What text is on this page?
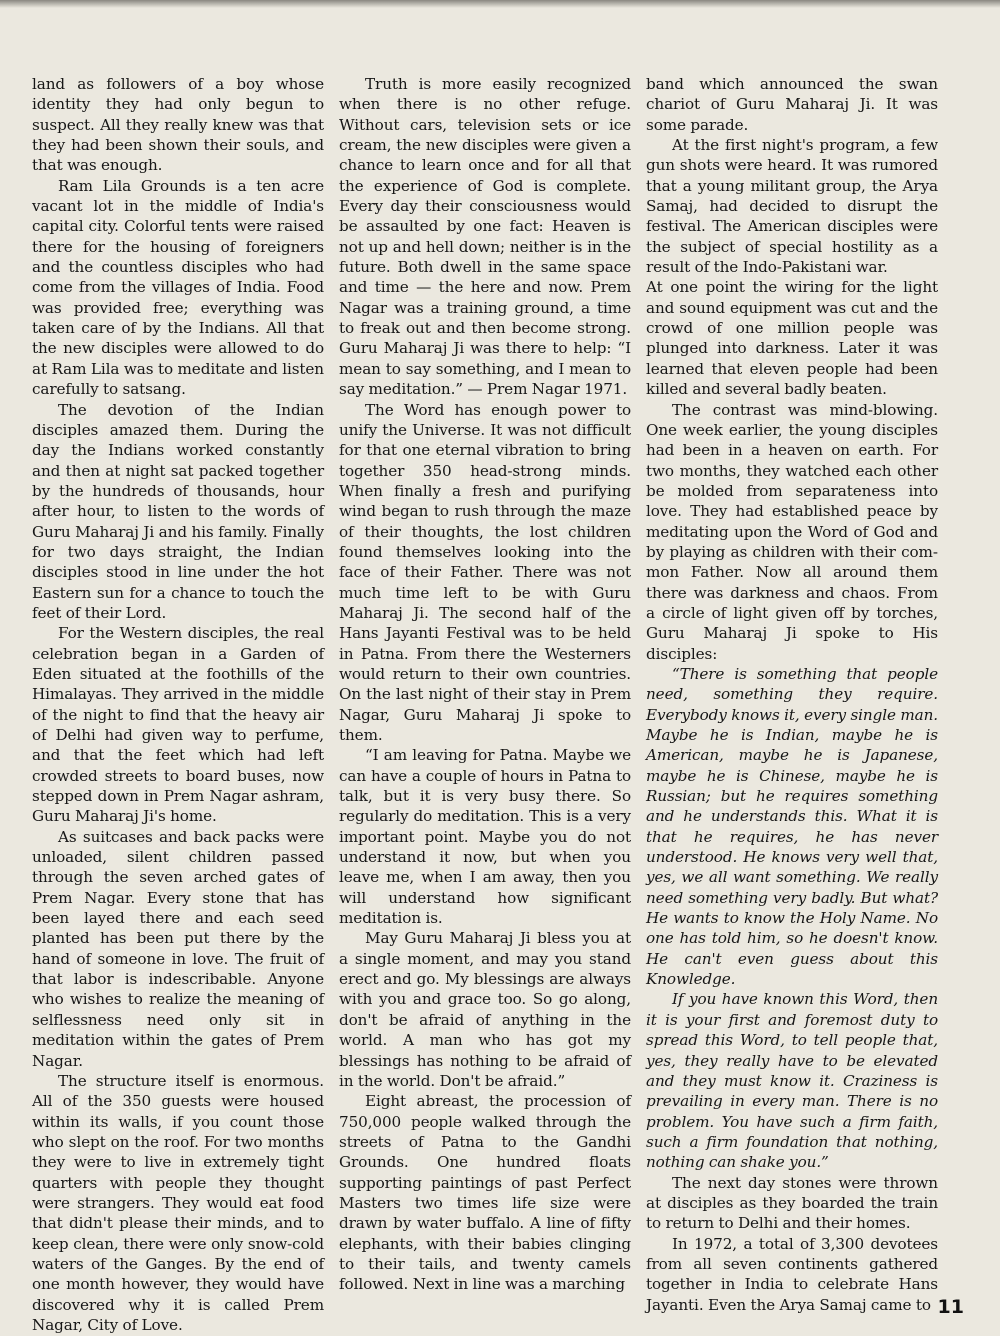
land as followers of a boy whose identity they had only begun to suspect. All they really knew was that they had been shown their souls, and that was enough.

Ram Lila Grounds is a ten acre vacant lot in the middle of India's capital city. Colorful tents were raised there for the housing of foreigners and the countless disciples who had come from the villages of India. Food was provided free; everything was taken care of by the Indians. All that the new disciples were allowed to do at Ram Lila was to meditate and listen carefully to satsang.

The devotion of the Indian disciples amazed them. During the day the Indians worked constantly and then at night sat packed together by the hundreds of thousands, hour after hour, to listen to the words of Guru Maharaj Ji and his family. Finally for two days straight, the Indian disciples stood in line under the hot Eastern sun for a chance to touch the feet of their Lord.

For the Western disciples, the real celebration began in a Garden of Eden situated at the foothills of the Himalayas. They arrived in the middle of the night to find that the heavy air of Delhi had given way to perfume, and that the feet which had left crowded streets to board buses, now stepped down in Prem Nagar ashram, Guru Maharaj Ji's home.

As suitcases and back packs were unloaded, silent children passed through the seven arched gates of Prem Nagar. Every stone that has been layed there and each seed planted has been put there by the hand of someone in love. The fruit of that labor is indescribable. Anyone who wishes to realize the meaning of selflessness need only sit in meditation within the gates of Prem Nagar.

The structure itself is enormous. All of the 350 guests were housed within its walls, if you count those who slept on the roof. For two months they were to live in extremely tight quarters with people they thought were strangers. They would eat food that didn't please their minds, and to keep clean, there were only snow-cold waters of the Ganges. By the end of one month however, they would have discovered why it is called Prem Nagar, City of Love.

Truth is more easily recognized when there is no other refuge. Without cars, television sets or ice cream, the new disciples were given a chance to learn once and for all that the experience of God is complete. Every day their consciousness would be assaulted by one fact: Heaven is not up and hell down; neither is in the future. Both dwell in the same space and time — the here and now. Prem Nagar was a training ground, a time to freak out and then become strong. Guru Maharaj Ji was there to help: “I mean to say something, and I mean to say meditation.” — Prem Nagar 1971.

The Word has enough power to unify the Universe. It was not difficult for that one eternal vibration to bring together 350 head-strong minds. When finally a fresh and purifying wind began to rush through the maze of their thoughts, the lost children found themselves looking into the face of their Father. There was not much time left to be with Guru Maharaj Ji. The second half of the Hans Jayanti Festival was to be held in Patna. From there the Westerners would return to their own countries. On the last night of their stay in Prem Nagar, Guru Maharaj Ji spoke to them.

“I am leaving for Patna. Maybe we can have a couple of hours in Patna to talk, but it is very busy there. So regularly do meditation. This is a very important point. Maybe you do not understand it now, but when you leave me, when I am away, then you will understand how significant meditation is.

May Guru Maharaj Ji bless you at a single moment, and may you stand erect and go. My blessings are always with you and grace too. So go along, don't be afraid of anything in the world. A man who has got my blessings has nothing to be afraid of in the world. Don't be afraid.”

Eight abreast, the procession of 750,000 people walked through the streets of Patna to the Gandhi Grounds. One hundred floats supporting paintings of past Perfect Masters two times life size were drawn by water buffalo. A line of fifty elephants, with their babies clinging to their tails, and twenty camels followed. Next in line was a marching

band which announced the swan chariot of Guru Maharaj Ji. It was some parade.

At the first night's program, a few gun shots were heard. It was rumored that a young militant group, the Arya Samaj, had decided to disrupt the festival. The American disciples were the subject of special hostility as a result of the Indo-Pakistani war.

At one point the wiring for the light and sound equipment was cut and the crowd of one million people was plunged into darkness. Later it was learned that eleven people had been killed and several badly beaten.

The contrast was mind-blowing. One week earlier, the young disciples had been in a heaven on earth. For two months, they watched each other be molded from separateness into love. They had established peace by meditating upon the Word of God and by playing as children with their common Father. Now all around them there was darkness and chaos. From a circle of light given off by torches, Guru Maharaj Ji spoke to His disciples:

“There is something that people need, something they require. Everybody knows it, every single man. Maybe he is Indian, maybe he is American, maybe he is Japanese, maybe he is Chinese, maybe he is Russian; but he requires something and he understands this. What it is that he requires, he has never understood. He knows very well that, yes, we all want something. We really need something very badly. But what? He wants to know the Holy Name. No one has told him, so he doesn't know. He can't even guess about this Knowledge.

If you have known this Word, then it is your first and foremost duty to spread this Word, to tell people that, yes, they really have to be elevated and they must know it. Craziness is prevailing in every man. There is no problem. You have such a firm faith, such a firm foundation that nothing, nothing can shake you.”

The next day stones were thrown at disciples as they boarded the train to return to Delhi and their homes.

In 1972, a total of 3,300 devotees from all seven continents gathered together in India to celebrate Hans Jayanti. Even the Arya Samaj came to 11
